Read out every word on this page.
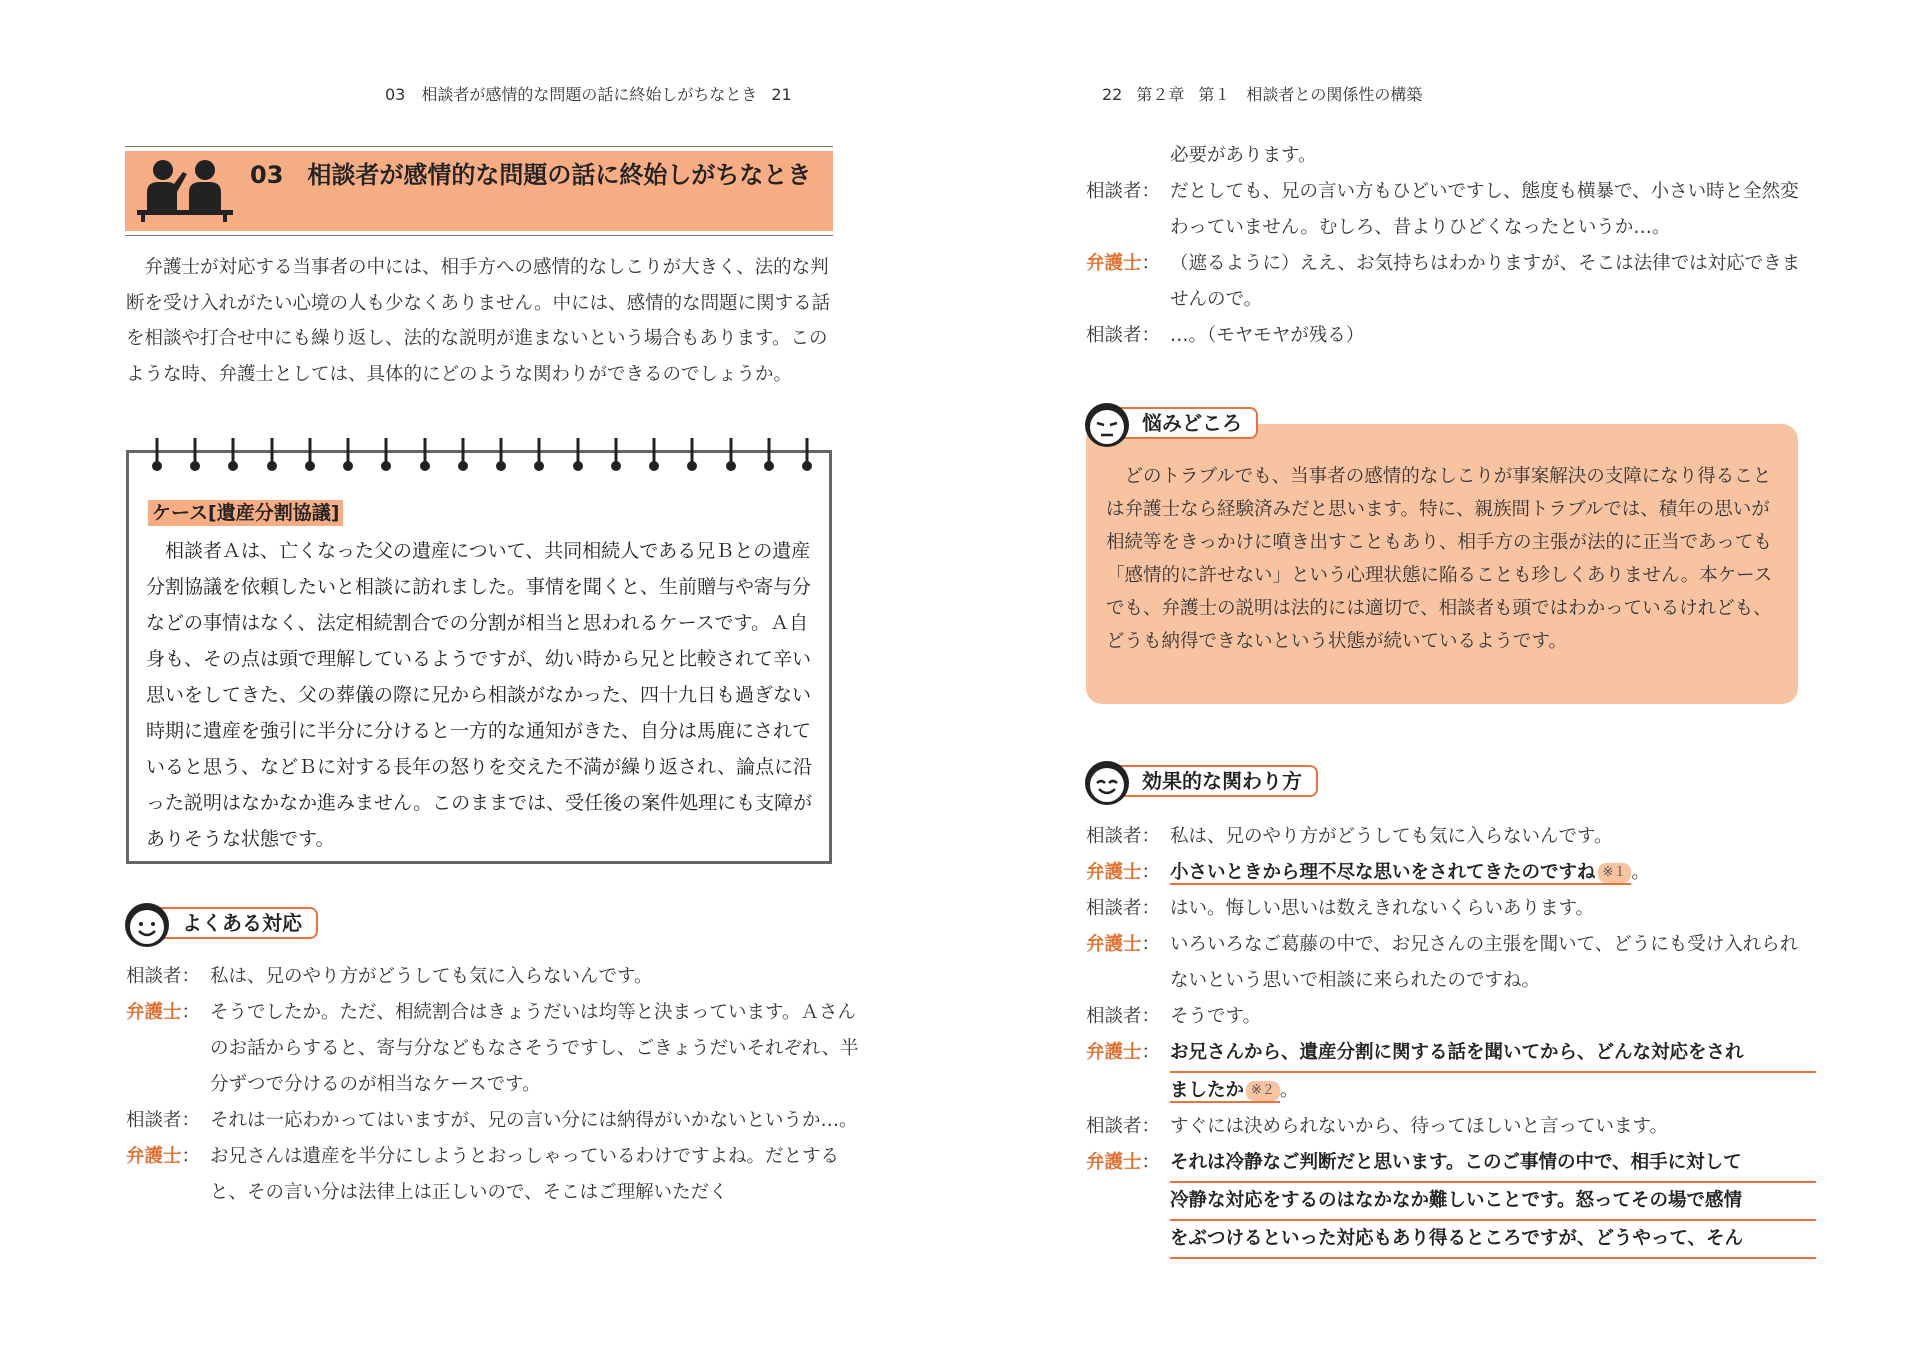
03　相談者が感情的な問題の話に終始しがちなとき 21
03　相談者が感情的な問題の話に終始しがちなとき

弁護士が対応する当事者の中には、相手方への感情的なしこりが大きく、法的な判断を受け入れがたい心境の人も少なくありません。中には、感情的な問題に関する話を相談や打合せ中にも繰り返し、法的な説明が進まないという場合もあります。このような時、弁護士としては、具体的にどのような関わりができるのでしょうか。

ケース[遺産分割協議]

相談者Ａは、亡くなった父の遺産について、共同相続人である兄Ｂとの遺産分割協議を依頼したいと相談に訪れました。事情を聞くと、生前贈与や寄与分などの事情はなく、法定相続割合での分割が相当と思われるケースです。Ａ自身も、その点は頭で理解しているようですが、幼い時から兄と比較されて辛い思いをしてきた、父の葬儀の際に兄から相談がなかった、四十九日も過ぎない時期に遺産を強引に半分に分けると一方的な通知がきた、自分は馬鹿にされていると思う、などＢに対する長年の怒りを交えた不満が繰り返され、論点に沿った説明はなかなか進みません。このままでは、受任後の案件処理にも支障がありそうな状態です。

よくある対応
相談者： 私は、兄のやり方がどうしても気に入らないんです。
弁護士： そうでしたか。ただ、相続割合はきょうだいは均等と決まっています。Ａさんのお話からすると、寄与分などもなさそうですし、ごきょうだいそれぞれ、半分ずつで分けるのが相当なケースです。
相談者： それは一応わかってはいますが、兄の言い分には納得がいかないというか…。
弁護士： お兄さんは遺産を半分にしようとおっしゃっているわけですよね。だとすると、その言い分は法律上は正しいので、そこはご理解いただく
22 第２章 第１　相談者との関係性の構築
必要があります。
相談者： だとしても、兄の言い方もひどいですし、態度も横暴で、小さい時と全然変わっていません。むしろ、昔よりひどくなったというか…。
弁護士： （遮るように）ええ、お気持ちはわかりますが、そこは法律では対応できませんので。
相談者： …。（モヤモヤが残る）
悩みどころ

どのトラブルでも、当事者の感情的なしこりが事案解決の支障になり得ることは弁護士なら経験済みだと思います。特に、親族間トラブルでは、積年の思いが相続等をきっかけに噴き出すこともあり、相手方の主張が法的に正当であっても「感情的に許せない」という心理状態に陥ることも珍しくありません。本ケースでも、弁護士の説明は法的には適切で、相談者も頭ではわかっているけれども、どうも納得できないという状態が続いているようです。

効果的な関わり方
相談者： 私は、兄のやり方がどうしても気に入らないんです。
弁護士： 小さいときから理不尽な思いをされてきたのですね ※１ 。
相談者： はい。悔しい思いは数えきれないくらいあります。
弁護士： いろいろなご葛藤の中で、お兄さんの主張を聞いて、どうにも受け入れられないという思いで相談に来られたのですね。
相談者： そうです。
弁護士： お兄さんから、遺産分割に関する話を聞いてから、どんな対応をされ
ましたか ※２ 。
相談者： すぐには決められないから、待ってほしいと言っています。
弁護士： それは冷静なご判断だと思います。このご事情の中で、相手に対して
冷静な対応をするのはなかなか難しいことです。怒ってその場で感情
をぶつけるといった対応もあり得るところですが、どうやって、そん
